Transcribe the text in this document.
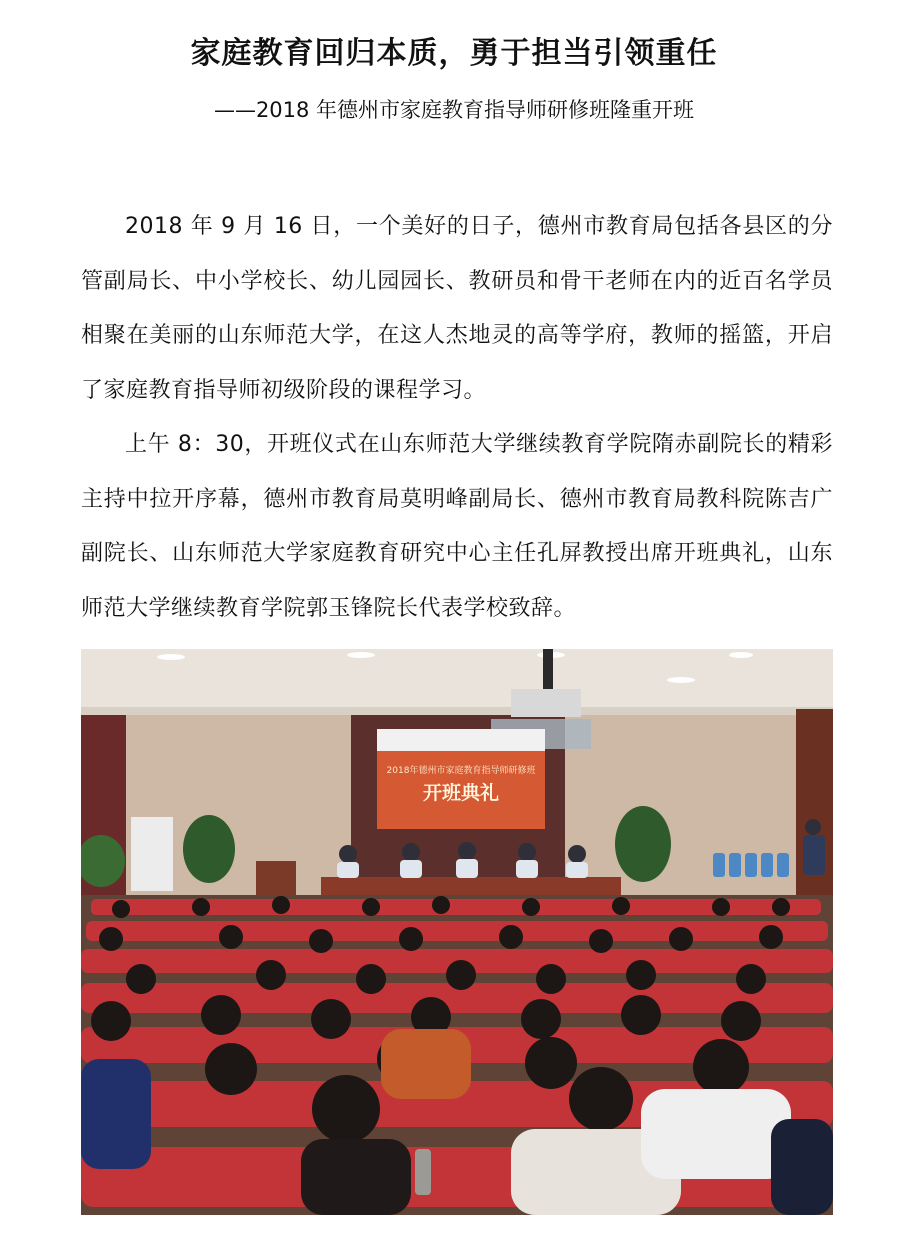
家庭教育回归本质，勇于担当引领重任
——2018 年德州市家庭教育指导师研修班隆重开班

2018 年 9 月 16 日，一个美好的日子，德州市教育局包括各县区的分管副局长、中小学校长、幼儿园园长、教研员和骨干老师在内的近百名学员相聚在美丽的山东师范大学，在这人杰地灵的高等学府，教师的摇篮，开启了家庭教育指导师初级阶段的课程学习。

上午 8：30，开班仪式在山东师范大学继续教育学院隋赤副院长的精彩主持中拉开序幕，德州市教育局莫明峰副局长、德州市教育局教科院陈吉广副院长、山东师范大学家庭教育研究中心主任孔屏教授出席开班典礼，山东师范大学继续教育学院郭玉锋院长代表学校致辞。

2018年德州市家庭教育指导师研修班
开班典礼
